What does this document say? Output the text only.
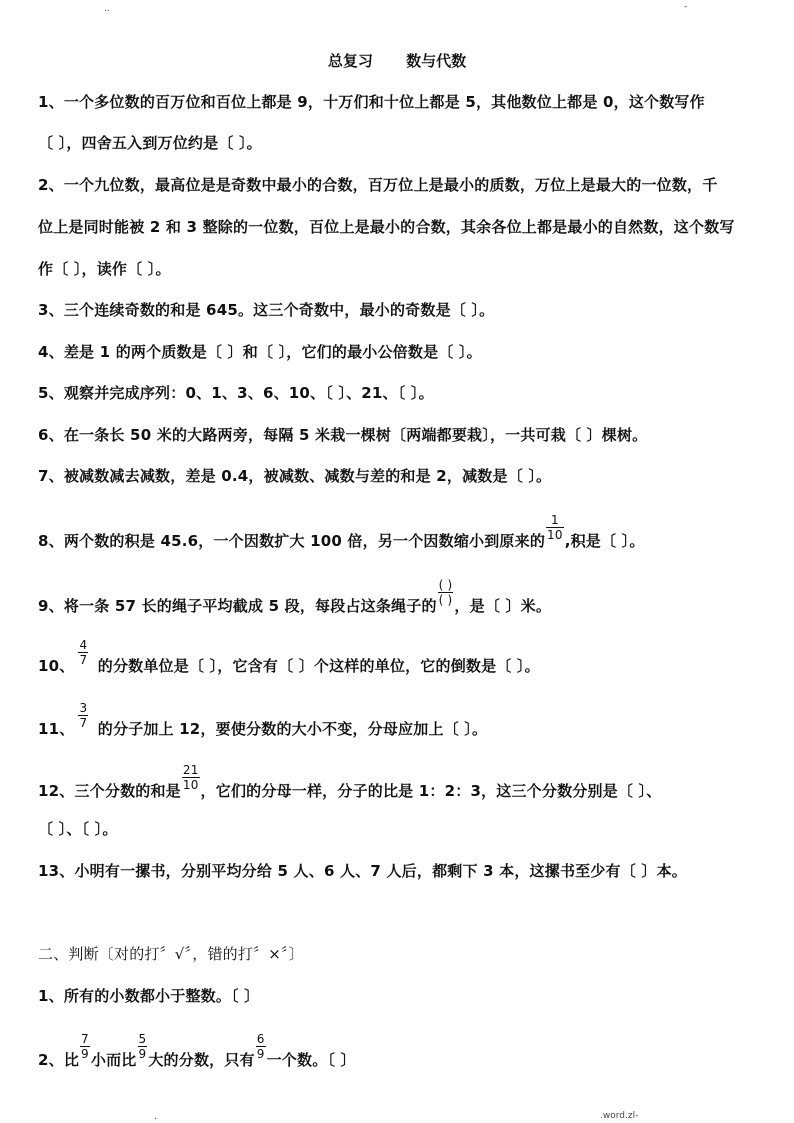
..	-
总复习 数与代数
1、一个多位数的百万位和百位上都是 9，十万们和十位上都是 5，其他数位上都是 0，这个数写作
〔 〕，四舍五入到万位约是〔 〕。
2、一个九位数，最高位是是奇数中最小的合数，百万位上是最小的质数，万位上是最大的一位数，千
位上是同时能被 2 和 3 整除的一位数，百位上是最小的合数，其余各位上都是最小的自然数，这个数写
作〔 〕，读作〔 〕。
3、三个连续奇数的和是 645。这三个奇数中，最小的奇数是〔 〕。
4、差是 1 的两个质数是〔 〕和〔 〕，它们的最小公倍数是〔 〕。
5、观察并完成序列：0、1、3、6、10、〔 〕、21、〔 〕。
6、在一条长 50 米的大路两旁，每隔 5 米栽一棵树〔两端都要栽〕，一共可栽〔 〕棵树。
7、被减数减去减数，差是 0.4，被减数、减数与差的和是 2，减数是〔 〕。
8、两个数的积是 45.6，一个因数扩大 100 倍，另一个因数缩小到原来的 $\frac{1}{10}$ ,积是〔 〕。
9、将一条 57 长的绳子平均截成 5 段，每段占这条绳子的 $\frac{( )}{( )}$ ，是〔 〕米。
10、 $\frac{4}{7}$ 的分数单位是〔 〕，它含有〔 〕个这样的单位，它的倒数是〔 〕。
11、 $\frac{3}{7}$ 的分子加上 12，要使分数的大小不变，分母应加上〔 〕。
12、三个分数的和是 $\frac{21}{10}$ ，它们的分母一样，分子的比是 1：2：3，这三个分数分别是〔 〕、
〔 〕、〔 〕。
13、小明有一摞书，分别平均分给 5 人、6 人、7 人后，都剩下 3 本，这摞书至少有〔 〕本。
二、判断〔对的打〞√〞，错的打〞×〞〕
1、所有的小数都小于整数。〔 〕
2、比 $\frac{7}{9}$ 小而比 $\frac{5}{9}$ 大的分数，只有 $\frac{6}{9}$ 一个数。〔 〕
.	.word.zl-
